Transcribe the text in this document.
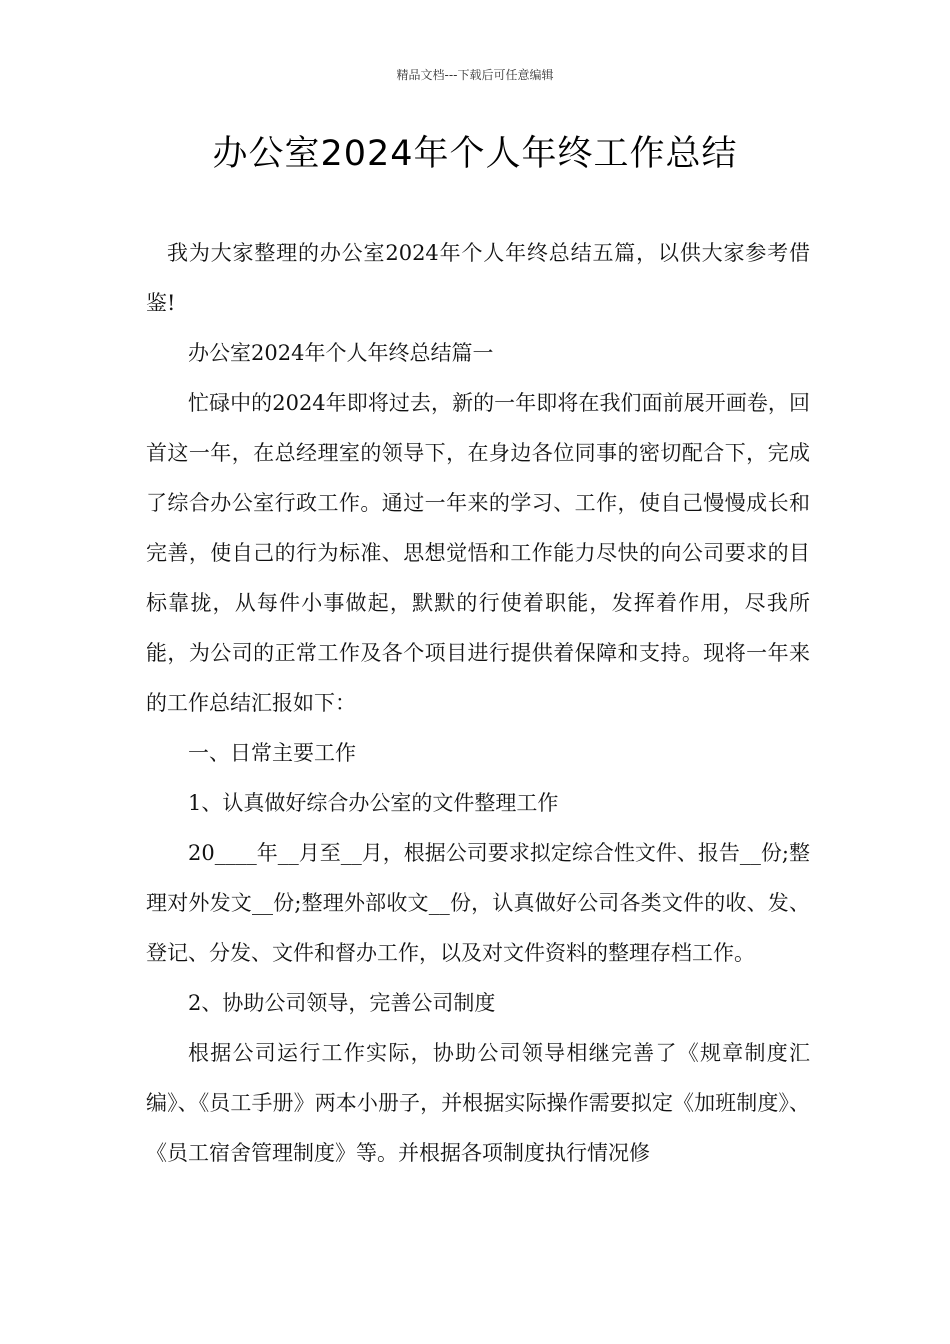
精品文档---下载后可任意编辑
办公室2024年个人年终工作总结

我为大家整理的办公室2024年个人年终总结五篇，以供大家参考借鉴!

办公室2024年个人年终总结篇一

忙碌中的2024年即将过去，新的一年即将在我们面前展开画卷，回首这一年，在总经理室的领导下，在身边各位同事的密切配合下，完成了综合办公室行政工作。通过一年来的学习、工作，使自己慢慢成长和完善，使自己的行为标准、思想觉悟和工作能力尽快的向公司要求的目标靠拢，从每件小事做起，默默的行使着职能，发挥着作用，尽我所能，为公司的正常工作及各个项目进行提供着保障和支持。现将一年来的工作总结汇报如下：

一、日常主要工作

1、认真做好综合办公室的文件整理工作

20____年__月至__月，根据公司要求拟定综合性文件、报告__份;整理对外发文__份;整理外部收文__份，认真做好公司各类文件的收、发、登记、分发、文件和督办工作，以及对文件资料的整理存档工作。

2、协助公司领导，完善公司制度

根据公司运行工作实际，协助公司领导相继完善了《规章制度汇编》、《员工手册》两本小册子，并根据实际操作需要拟定《加班制度》、《员工宿舍管理制度》等。并根据各项制度执行情况修
